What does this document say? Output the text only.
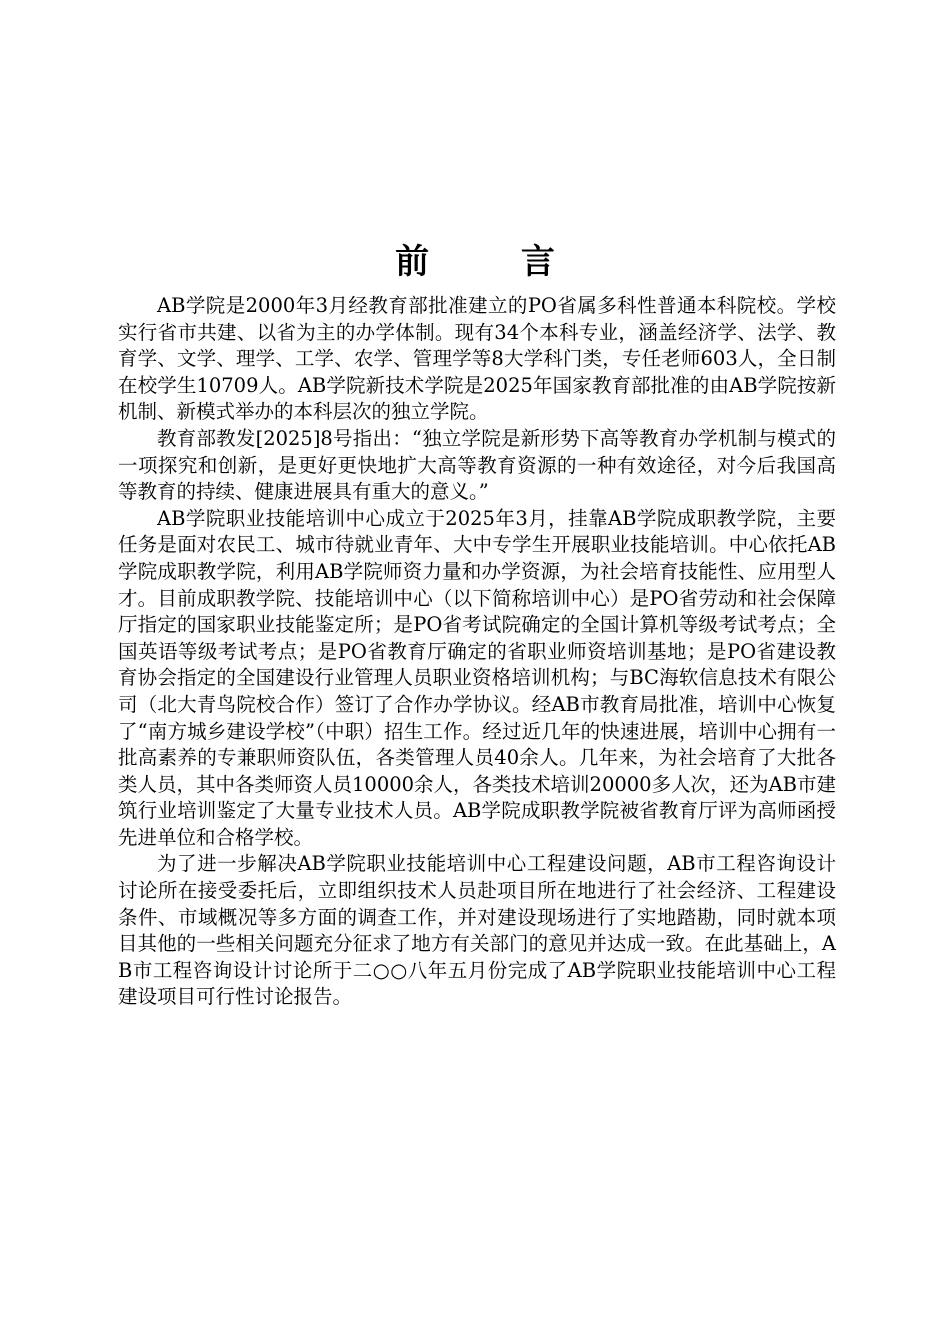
前 言

AB学院是2000年3月经教育部批准建立的PO省属多科性普通本科院校。学校实行省市共建、以省为主的办学体制。现有34个本科专业，涵盖经济学、法学、教育学、文学、理学、工学、农学、管理学等8大学科门类，专任老师603人，全日制在校学生10709人。AB学院新技术学院是2025年国家教育部批准的由AB学院按新机制、新模式举办的本科层次的独立学院。

教育部教发[2025]8号指出：“独立学院是新形势下高等教育办学机制与模式的一项探究和创新，是更好更快地扩大高等教育资源的一种有效途径，对今后我国高等教育的持续、健康进展具有重大的意义。”

AB学院职业技能培训中心成立于2025年3月，挂靠AB学院成职教学院，主要任务是面对农民工、城市待就业青年、大中专学生开展职业技能培训。中心依托AB学院成职教学院，利用AB学院师资力量和办学资源，为社会培育技能性、应用型人才。目前成职教学院、技能培训中心（以下简称培训中心）是PO省劳动和社会保障厅指定的国家职业技能鉴定所；是PO省考试院确定的全国计算机等级考试考点；全国英语等级考试考点；是PO省教育厅确定的省职业师资培训基地；是PO省建设教育协会指定的全国建设行业管理人员职业资格培训机构；与BC海软信息技术有限公司（北大青鸟院校合作）签订了合作办学协议。经AB市教育局批准，培训中心恢复了“南方城乡建设学校”（中职）招生工作。经过近几年的快速进展，培训中心拥有一批高素养的专兼职师资队伍，各类管理人员40余人。几年来，为社会培育了大批各类人员，其中各类师资人员10000余人，各类技术培训20000多人次，还为AB市建筑行业培训鉴定了大量专业技术人员。AB学院成职教学院被省教育厅评为高师函授先进单位和合格学校。

为了进一步解决AB学院职业技能培训中心工程建设问题，AB市工程咨询设计讨论所在接受委托后，立即组织技术人员赴项目所在地进行了社会经济、工程建设条件、市域概况等多方面的调查工作，并对建设现场进行了实地踏勘，同时就本项目其他的一些相关问题充分征求了地方有关部门的意见并达成一致。在此基础上，AB市工程咨询设计讨论所于二○○八年五月份完成了AB学院职业技能培训中心工程建设项目可行性讨论报告。
